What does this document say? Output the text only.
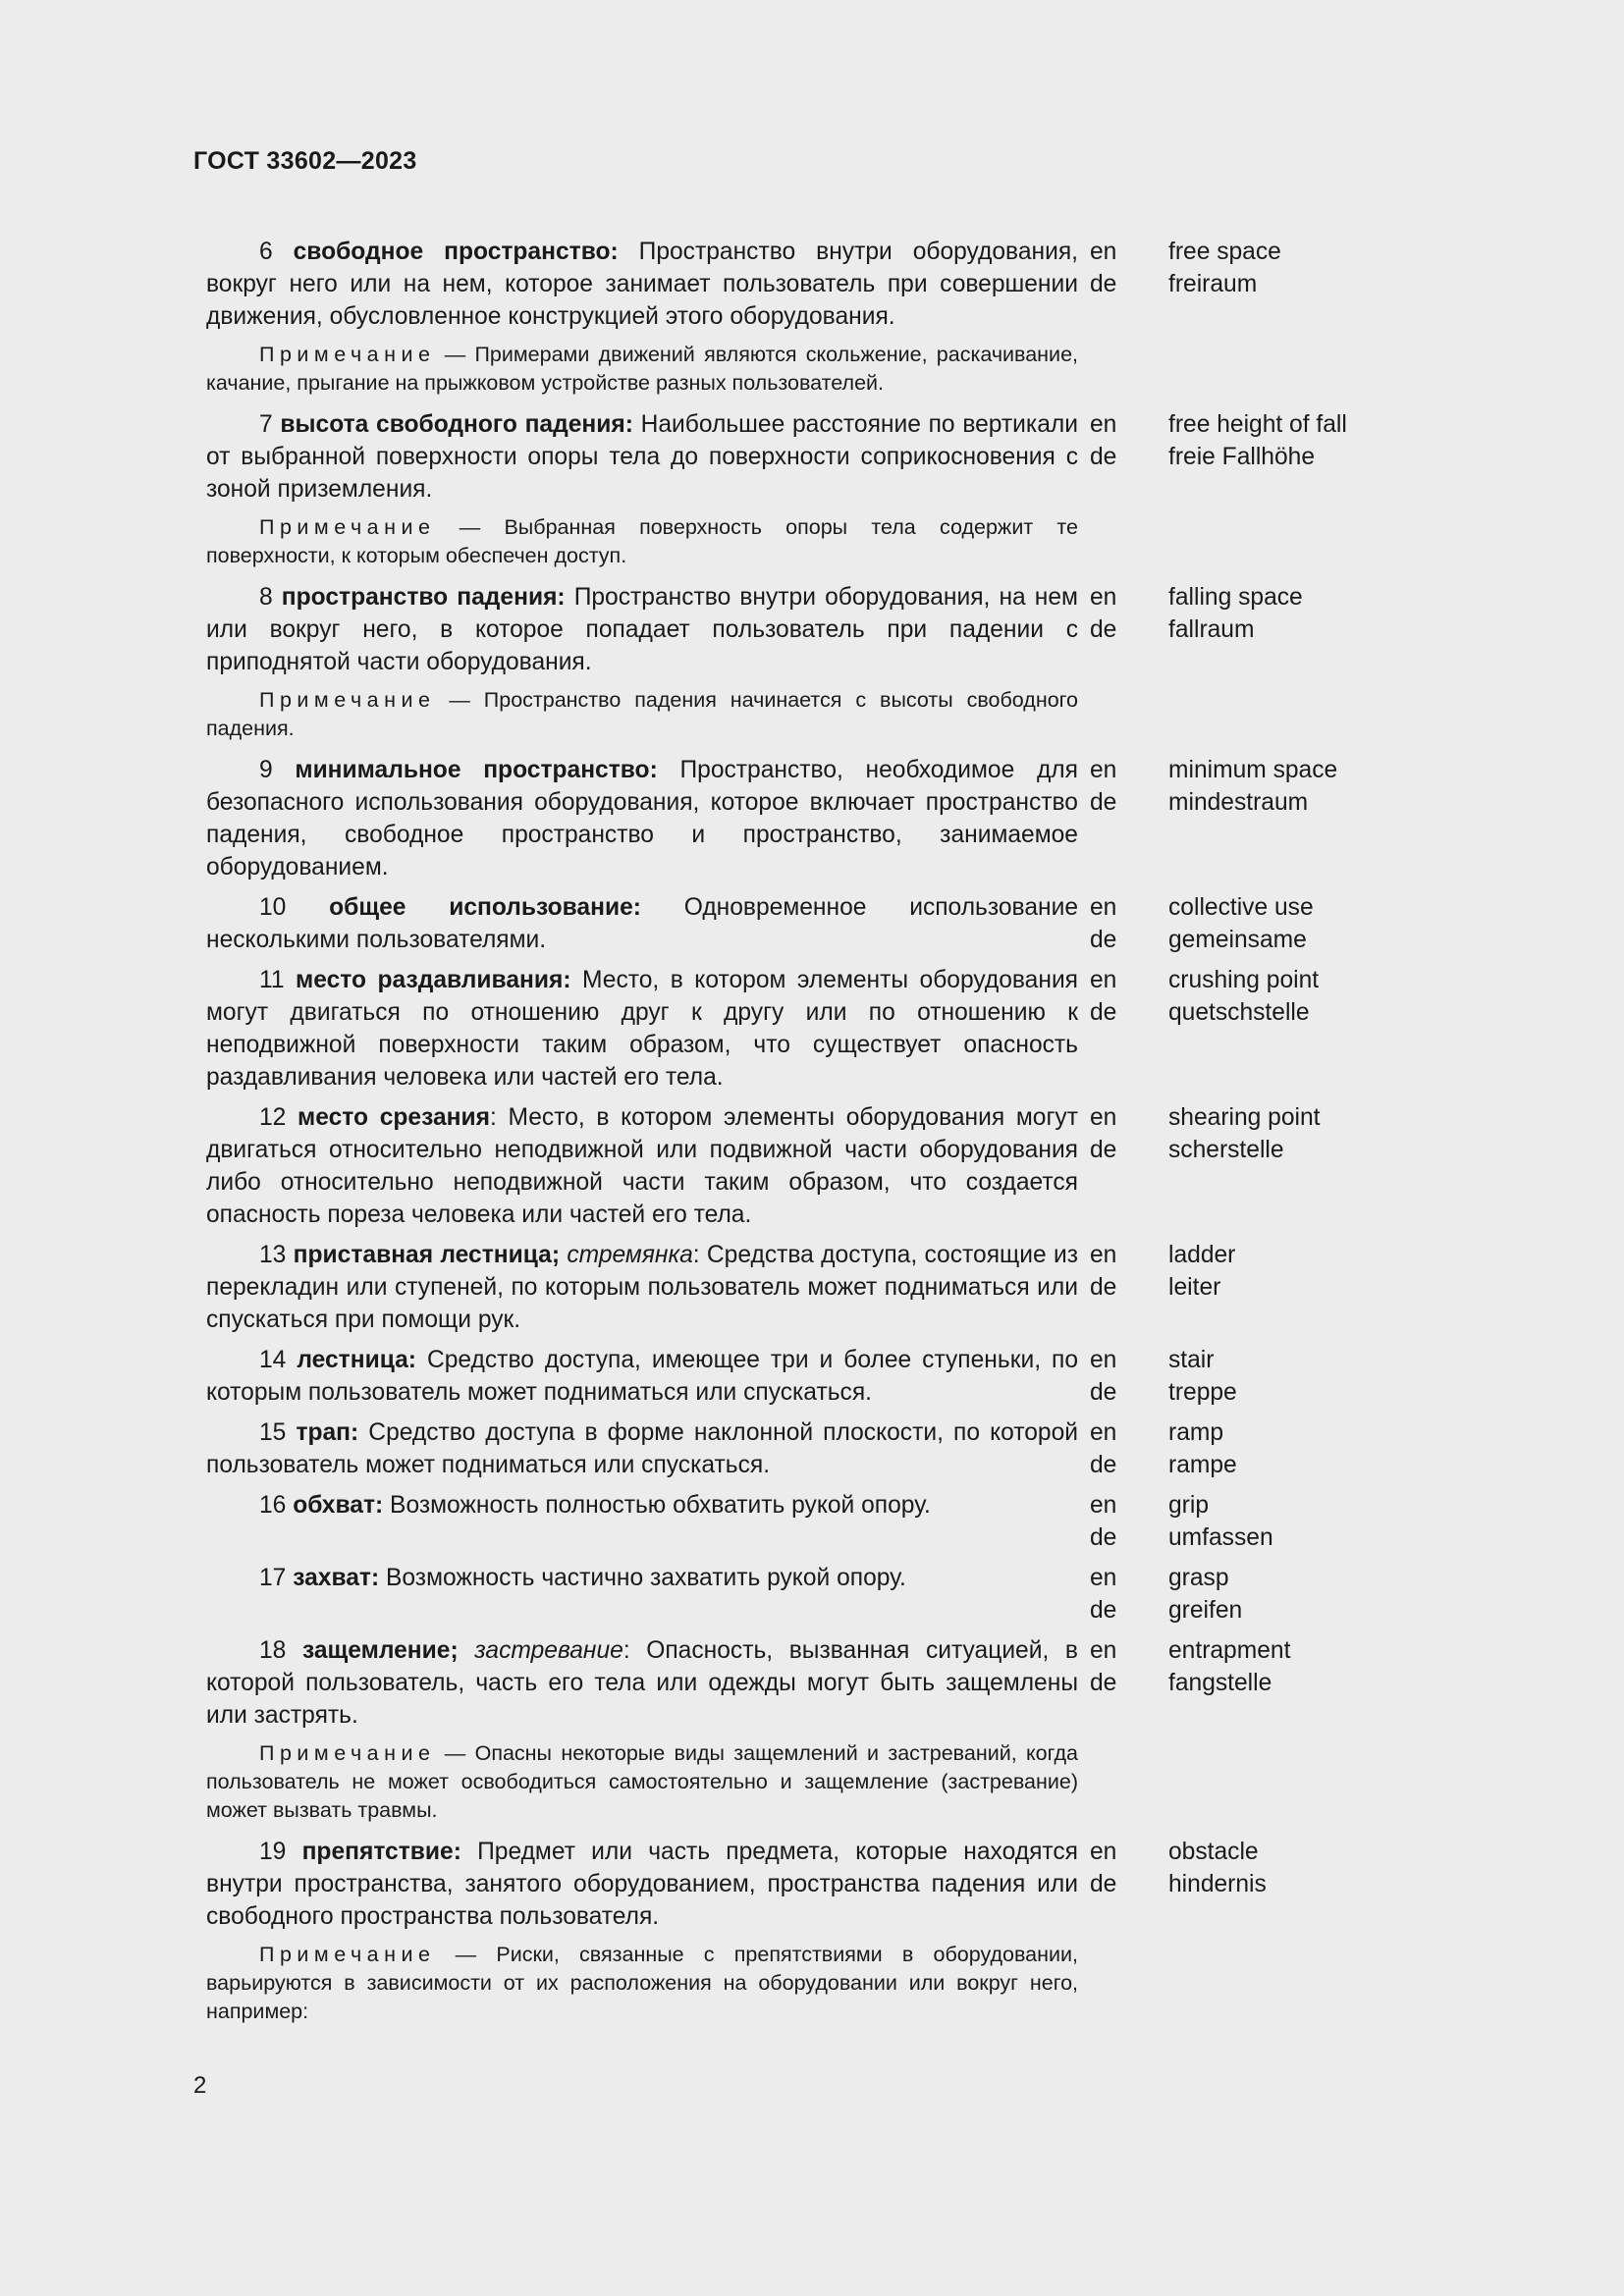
ГОСТ 33602—2023

6 свободное пространство: Пространство внутри оборудования, вокруг него или на нем, которое занимает пользователь при совершении движения, обусловленное конструкцией этого оборудования.

en
de
free space
freiraum

Примечание — Примерами движений являются скольжение, раскачивание, качание, прыгание на прыжковом устройстве разных пользователей.

7 высота свободного падения: Наибольшее расстояние по вертикали от выбранной поверхности опоры тела до поверхности соприкосновения с зоной приземления.

en
de
free height of fall
freie Fallhöhe

Примечание — Выбранная поверхность опоры тела содержит те поверхности, к которым обеспечен доступ.

8 пространство падения: Пространство внутри оборудования, на нем или вокруг него, в которое попадает пользователь при падении с приподнятой части оборудования.

en
de
falling space
fallraum

Примечание — Пространство падения начинается с высоты свободного падения.

9 минимальное пространство: Пространство, необходимое для безопасного использования оборудования, которое включает пространство падения, свободное пространство и пространство, занимаемое оборудованием.

en
de
minimum space
mindestraum

10 общее использование: Одновременное использование несколькими пользователями.

en
de
collective use
gemeinsame

11 место раздавливания: Место, в котором элементы оборудования могут двигаться по отношению друг к другу или по отношению к неподвижной поверхности таким образом, что существует опасность раздавливания человека или частей его тела.

en
de
crushing point
quetschstelle

12 место срезания: Место, в котором элементы оборудования могут двигаться относительно неподвижной или подвижной части оборудования либо относительно неподвижной части таким образом, что создается опасность пореза человека или частей его тела.

en
de
shearing point
scherstelle

13 приставная лестница; стремянка: Средства доступа, состоящие из перекладин или ступеней, по которым пользователь может подниматься или спускаться при помощи рук.

en
de
ladder
leiter

14 лестница: Средство доступа, имеющее три и более ступеньки, по которым пользователь может подниматься или спускаться.

en
de
stair
treppe

15 трап: Средство доступа в форме наклонной плоскости, по которой пользователь может подниматься или спускаться.

en
de
ramp
rampe

16 обхват: Возможность полностью обхватить рукой опору.	en
de
grip
umfassen

17 захват: Возможность частично захватить рукой опору.	en
de
grasp
greifen

18 защемление; застревание: Опасность, вызванная ситуацией, в которой пользователь, часть его тела или одежды могут быть защемлены или застрять.

en
de
entrapment
fangstelle

Примечание — Опасны некоторые виды защемлений и застреваний, когда пользователь не может освободиться самостоятельно и защемление (застревание) может вызвать травмы.

19 препятствие: Предмет или часть предмета, которые находятся внутри пространства, занятого оборудованием, пространства падения или свободного пространства пользователя.

en
de
obstacle
hindernis

Примечание — Риски, связанные с препятствиями в оборудовании, варьируются в зависимости от их расположения на оборудовании или вокруг него, например:

2
